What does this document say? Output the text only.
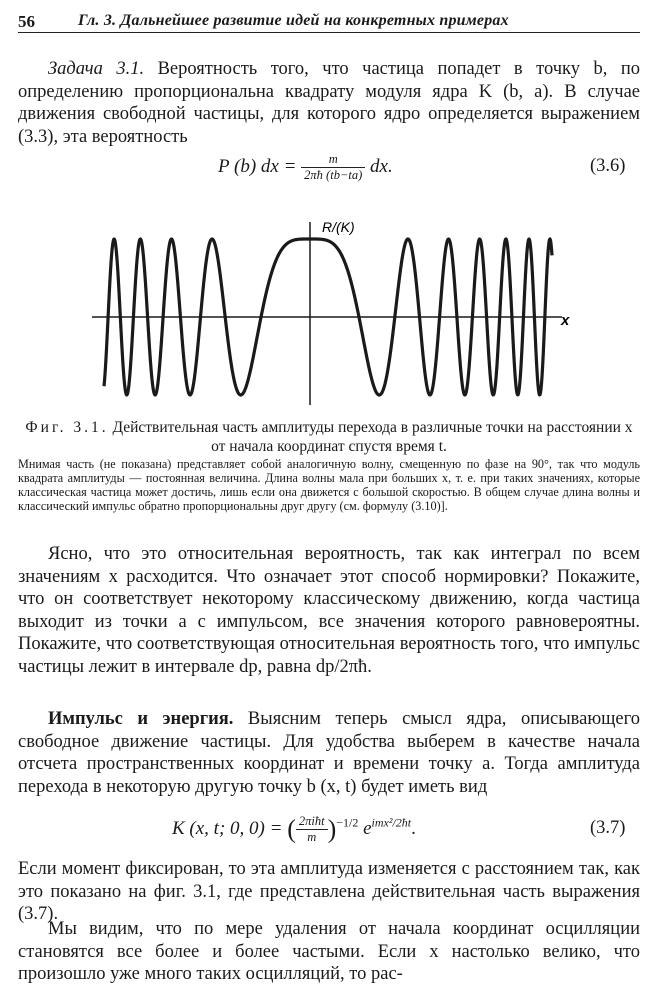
56	Гл. 3. Дальнейшее развитие идей на конкретных примерах

Задача 3.1. Вероятность того, что частица попадет в точку b, по определению пропорциональна квадрату модуля ядра K (b, a). В случае движения свободной частицы, для которого ядро определяется выражением (3.3), эта вероятность

P (b) dx = $\frac{m}{2\pi ħ (tb-ta)}$ dx.	(3.6)
R/(K)
x
Фиг. 3.1. Действительная часть амплитуды перехода в различные точки на расстоянии x от начала координат спустя время t.
Мнимая часть (не показана) представляет собой аналогичную волну, смещенную по фазе на 90°, так что модуль квадрата амплитуды — постоянная величина. Длина волны мала при больших x, т. е. при таких значениях, которые классическая частица может достичь, лишь если она движется с большой скоростью. В общем случае длина волны и классический импульс обратно пропорциональны друг другу (см. формулу (3.10)].

Ясно, что это относительная вероятность, так как интеграл по всем значениям x расходится. Что означает этот способ нормировки? Покажите, что он соответствует некоторому классическому движению, когда частица выходит из точки a с импульсом, все значения которого равновероятны. Покажите, что соответствующая относительная вероятность того, что импульс частицы лежит в интервале dp, равна dp/2πħ.

Импульс и энергия. Выясним теперь смысл ядра, описывающего свободное движение частицы. Для удобства выберем в качестве начала отсчета пространственных координат и времени точку a. Тогда амплитуда перехода в некоторую другую точку b (x, t) будет иметь вид

K (x, t; 0, 0) = ( $\frac{\text{2πiħt}}{m} )^{-1/2}$ $e^{imx^2/2ħt}$.	(3.7)

Если момент фиксирован, то эта амплитуда изменяется с расстоянием так, как это показано на фиг. 3.1, где представлена действительная часть выражения (3.7).

Мы видим, что по мере удаления от начала координат осцилляции становятся все более и более частыми. Если x настолько велико, что произошло уже много таких осцилляций, то рас-
